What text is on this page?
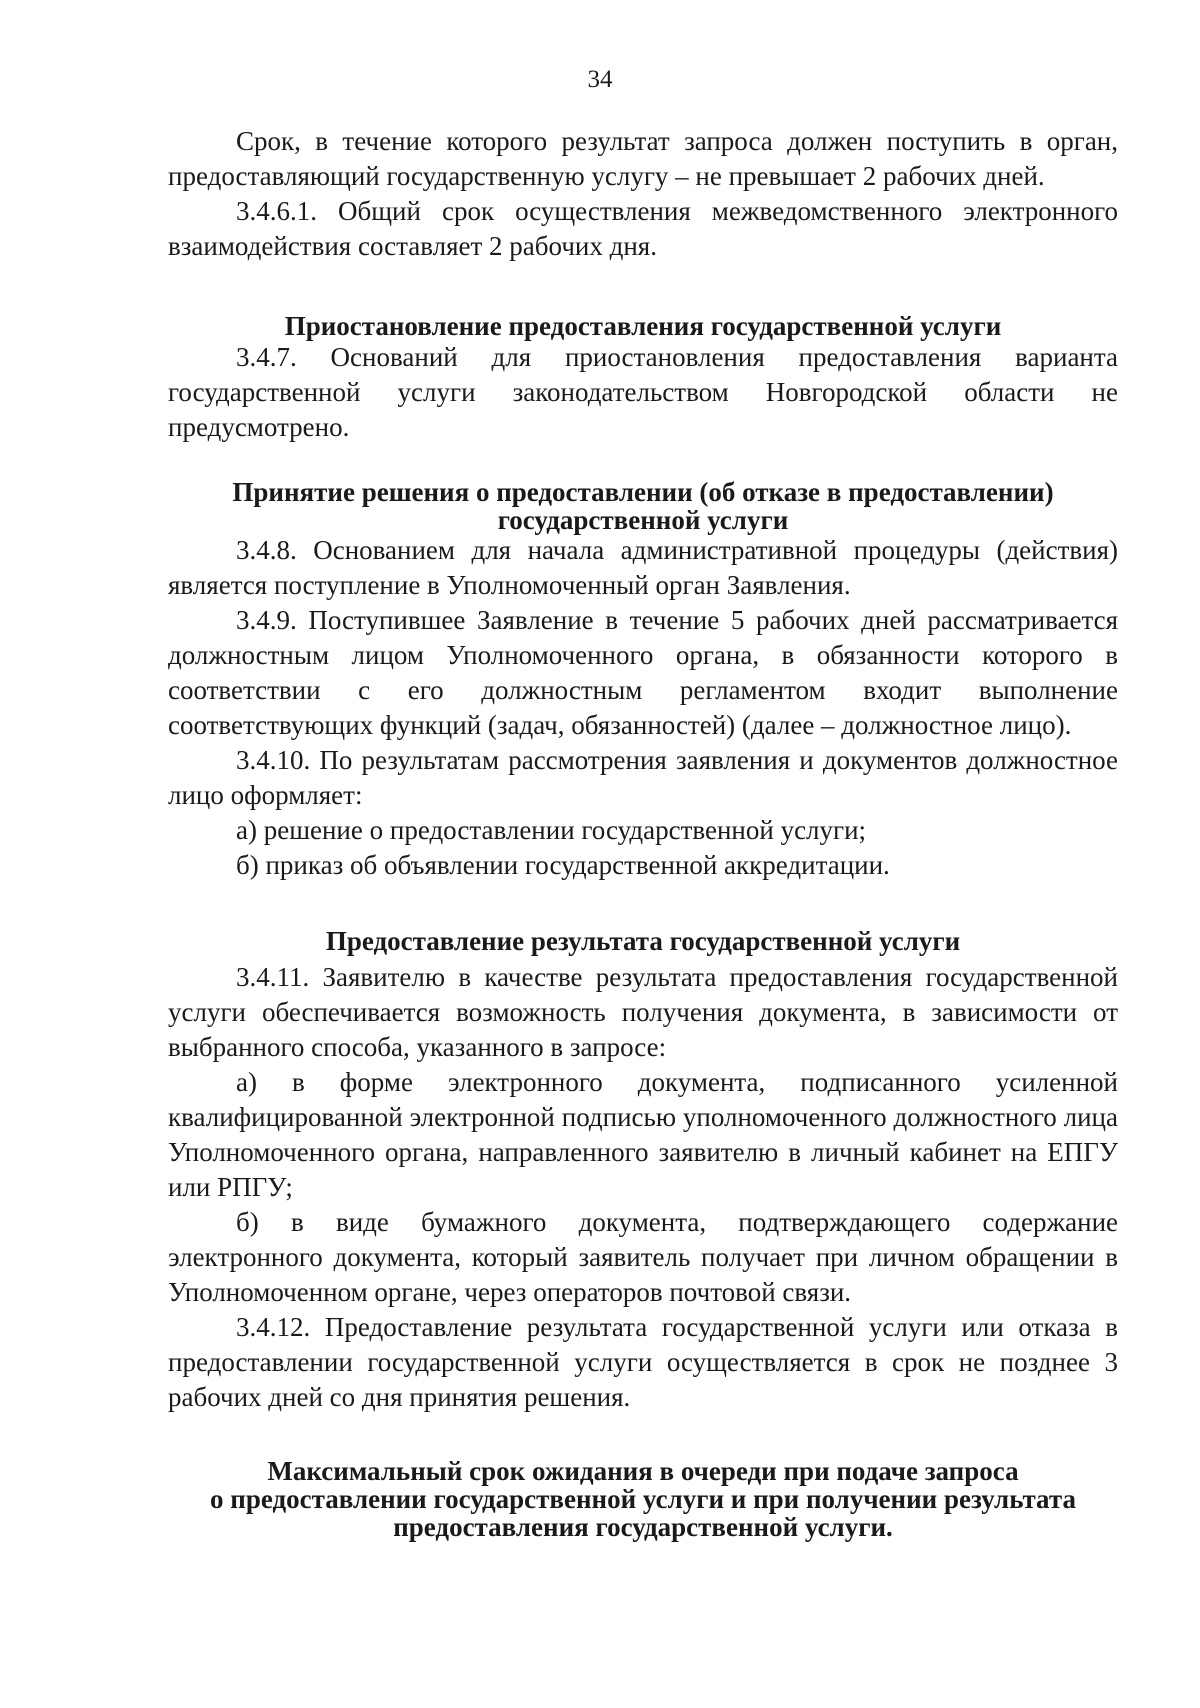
34

Срок, в течение которого результат запроса должен поступить в орган, предоставляющий государственную услугу – не превышает 2 рабочих дней.

3.4.6.1. Общий срок осуществления межведомственного электронного взаимодействия составляет 2 рабочих дня.

Приостановление предоставления государственной услуги

3.4.7. Оснований для приостановления предоставления варианта государственной услуги законодательством Новгородской области не предусмотрено.

Принятие решения о предоставлении (об отказе в предоставлении)

государственной услуги

3.4.8. Основанием для начала административной процедуры (действия) является поступление в Уполномоченный орган Заявления.

3.4.9. Поступившее Заявление в течение 5 рабочих дней рассматривается должностным лицом Уполномоченного органа, в обязанности которого в соответствии с его должностным регламентом входит выполнение соответствующих функций (задач, обязанностей) (далее – должностное лицо).

3.4.10. По результатам рассмотрения заявления и документов должностное лицо оформляет:

а) решение о предоставлении государственной услуги;

б) приказ об объявлении государственной аккредитации.

Предоставление результата государственной услуги

3.4.11. Заявителю в качестве результата предоставления государственной услуги обеспечивается возможность получения документа, в зависимости от выбранного способа, указанного в запросе:

а) в форме электронного документа, подписанного усиленной квалифицированной электронной подписью уполномоченного должностного лица Уполномоченного органа, направленного заявителю в личный кабинет на ЕПГУ или РПГУ;

б) в виде бумажного документа, подтверждающего содержание электронного документа, который заявитель получает при личном обращении в Уполномоченном органе, через операторов почтовой связи.

3.4.12. Предоставление результата государственной услуги или отказа в предоставлении государственной услуги осуществляется в срок не позднее 3 рабочих дней со дня принятия решения.

Максимальный срок ожидания в очереди при подаче запроса

о предоставлении государственной услуги и при получении результата

предоставления государственной услуги.
